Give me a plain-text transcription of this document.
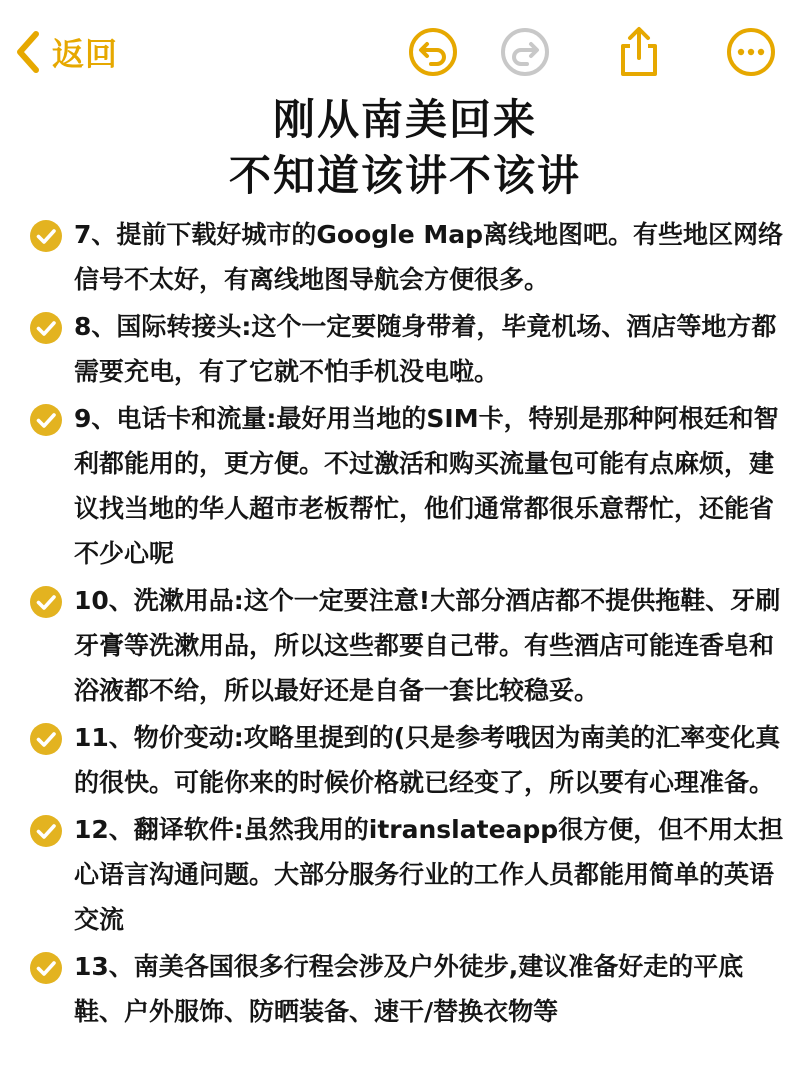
返回
刚从南美回来
不知道该讲不该讲
7、提前下载好城市的Google Map离线地图吧。有些地区网络信号不太好，有离线地图导航会方便很多。
8、国际转接头:这个一定要随身带着，毕竟机场、酒店等地方都需要充电，有了它就不怕手机没电啦。
9、电话卡和流量:最好用当地的SIM卡，特别是那种阿根廷和智利都能用的，更方便。不过激活和购买流量包可能有点麻烦，建议找当地的华人超市老板帮忙，他们通常都很乐意帮忙，还能省不少心呢
10、洗漱用品:这个一定要注意!大部分酒店都不提供拖鞋、牙刷牙膏等洗漱用品，所以这些都要自己带。有些酒店可能连香皂和浴液都不给，所以最好还是自备一套比较稳妥。
11、物价变动:攻略里提到的(只是参考哦因为南美的汇率变化真的很快。可能你来的时候价格就已经变了，所以要有心理准备。
12、翻译软件:虽然我用的itranslateapp很方便，但不用太担心语言沟通问题。大部分服务行业的工作人员都能用简单的英语交流
13、南美各国很多行程会涉及户外徒步,建议准备好走的平底鞋、户外服饰、防晒装备、速干/替换衣物等
